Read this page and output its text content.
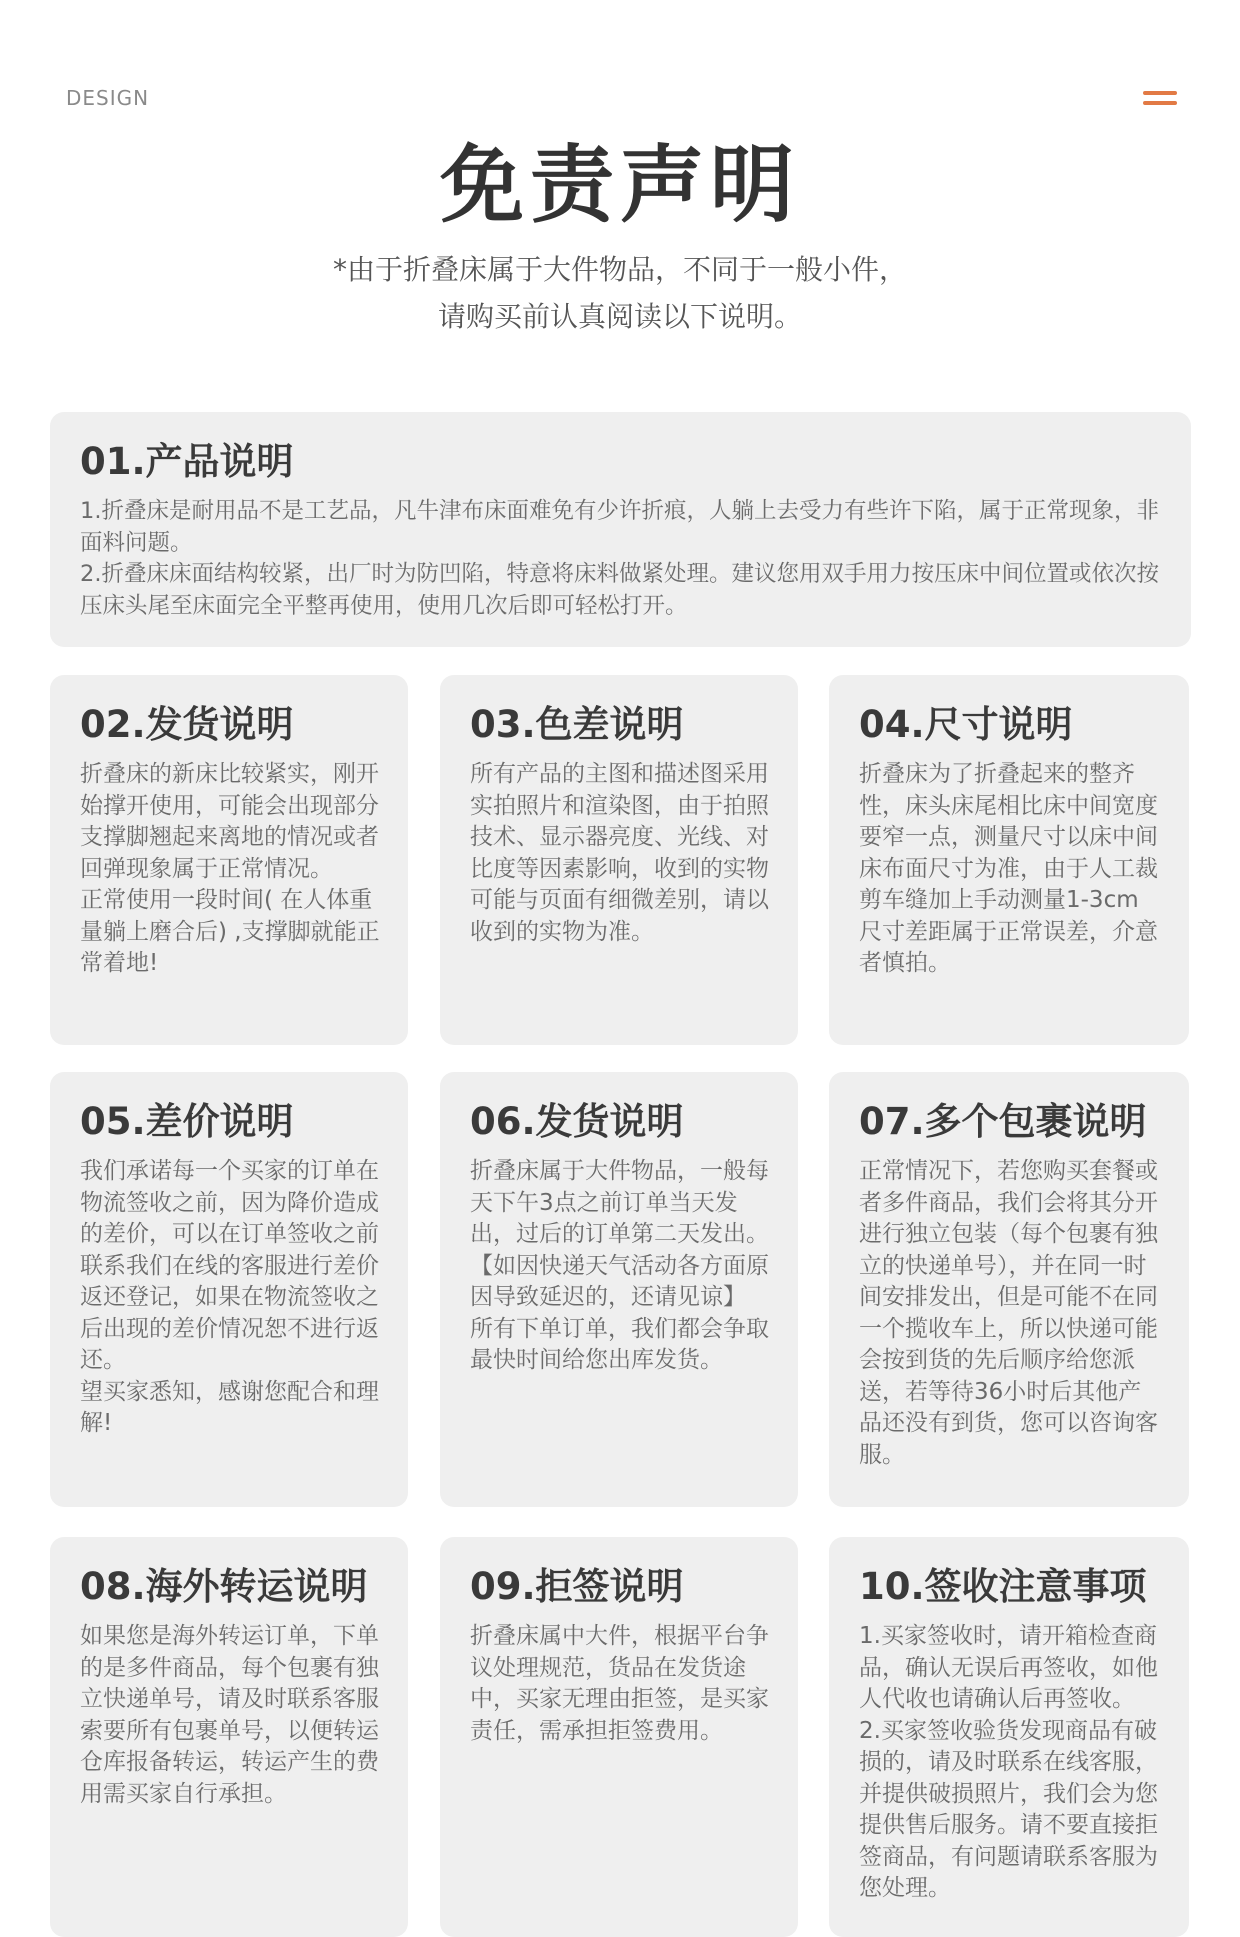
DESIGN
免责声明
*由于折叠床属于大件物品，不同于一般小件，
请购买前认真阅读以下说明。
01.产品说明
1.折叠床是耐用品不是工艺品，凡牛津布床面难免有少许折痕，人躺上去受力有些许下陷，属于正常现象，非面料问题。
2.折叠床床面结构较紧，出厂时为防凹陷，特意将床料做紧处理。建议您用双手用力按压床中间位置或依次按压床头尾至床面完全平整再使用，使用几次后即可轻松打开。
02.发货说明
折叠床的新床比较紧实，刚开始撑开使用，可能会出现部分支撑脚翘起来离地的情况或者回弹现象属于正常情况。
正常使用一段时间( 在人体重量躺上磨合后) ,支撑脚就能正常着地!
03.色差说明
所有产品的主图和描述图采用实拍照片和渲染图，由于拍照技术、显示器亮度、光线、对比度等因素影响，收到的实物可能与页面有细微差别，请以收到的实物为准。
04.尺寸说明
折叠床为了折叠起来的整齐性，床头床尾相比床中间宽度要窄一点，测量尺寸以床中间床布面尺寸为准，由于人工裁剪车缝加上手动测量1-3cm尺寸差距属于正常误差，介意者慎拍。
05.差价说明
我们承诺每一个买家的订单在物流签收之前，因为降价造成的差价，可以在订单签收之前联系我们在线的客服进行差价返还登记，如果在物流签收之后出现的差价情况恕不进行返还。
望买家悉知，感谢您配合和理解!
06.发货说明
折叠床属于大件物品，一般每天下午3点之前订单当天发出，过后的订单第二天发出。
【如因快递天气活动各方面原因导致延迟的，还请见谅】
所有下单订单，我们都会争取最快时间给您出库发货。
07.多个包裹说明
正常情况下，若您购买套餐或者多件商品，我们会将其分开进行独立包装（每个包裹有独立的快递单号），并在同一时间安排发出，但是可能不在同一个揽收车上，所以快递可能会按到货的先后顺序给您派送，若等待36小时后其他产品还没有到货，您可以咨询客服。
08.海外转运说明
如果您是海外转运订单，下单的是多件商品，每个包裹有独立快递单号，请及时联系客服索要所有包裹单号，以便转运仓库报备转运，转运产生的费用需买家自行承担。
09.拒签说明
折叠床属中大件，根据平台争议处理规范，货品在发货途中，买家无理由拒签，是买家责任，需承担拒签费用。
10.签收注意事项
1.买家签收时，请开箱检查商品，确认无误后再签收，如他人代收也请确认后再签收。
2.买家签收验货发现商品有破损的，请及时联系在线客服，并提供破损照片，我们会为您提供售后服务。请不要直接拒签商品，有问题请联系客服为您处理。
